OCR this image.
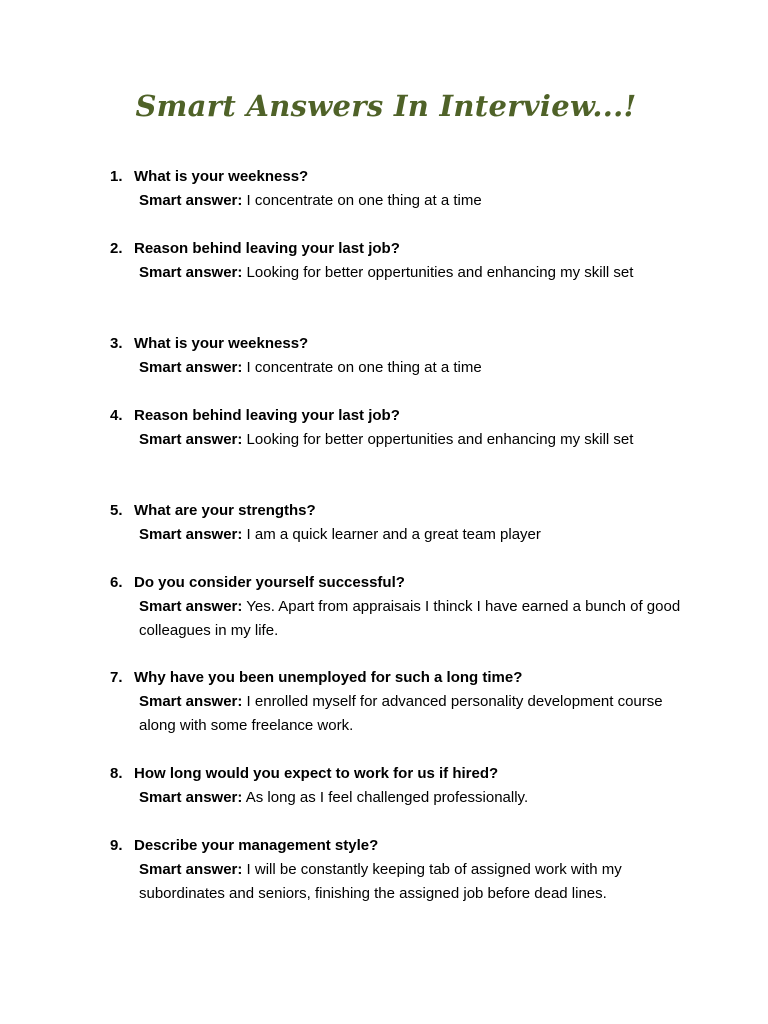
Smart Answers In Interview...!
1. What is your weekness?
Smart answer: I concentrate on one thing at a time
2. Reason behind leaving your last job?
Smart answer: Looking for better oppertunities and enhancing my skill set
3. What is your weekness?
Smart answer: I concentrate on one thing at a time
4. Reason behind leaving your last job?
Smart answer: Looking for better oppertunities and enhancing my skill set
5. What are your strengths?
Smart answer: I am a quick learner and a great team player
6. Do you consider yourself successful?
Smart answer: Yes. Apart from appraisais I thinck I have earned a bunch of good colleagues in my life.
7. Why have you been unemployed for such a long time?
Smart answer: I enrolled myself for advanced personality development course along with some freelance work.
8. How long would you expect to work for us if hired?
Smart answer: As long as I feel challenged professionally.
9. Describe your management style?
Smart answer: I will be constantly keeping tab of assigned work with my subordinates and seniors, finishing the assigned job before dead lines.
